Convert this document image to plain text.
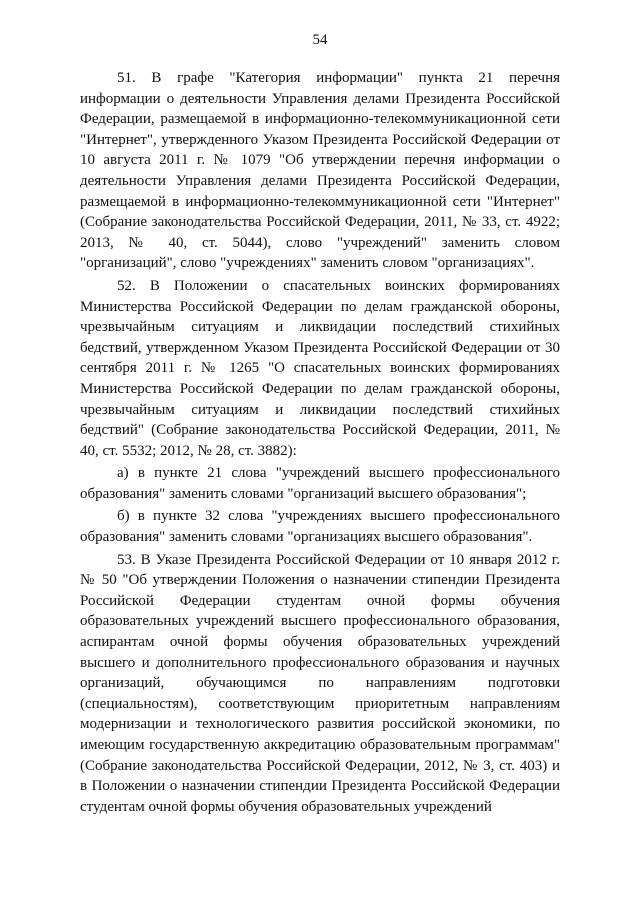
54

51. В графе "Категория информации" пункта 21 перечня информации о деятельности Управления делами Президента Российской Федерации, размещаемой в информационно-телекоммуникационной сети "Интернет", утвержденного Указом Президента Российской Федерации от 10 августа 2011 г. № 1079 "Об утверждении перечня информации о деятельности Управления делами Президента Российской Федерации, размещаемой в информационно-телекоммуникационной сети "Интернет" (Собрание законодательства Российской Федерации, 2011, № 33, ст. 4922; 2013, № 40, ст. 5044), слово "учреждений" заменить словом "организаций", слово "учреждениях" заменить словом "организациях".

52. В Положении о спасательных воинских формированиях Министерства Российской Федерации по делам гражданской обороны, чрезвычайным ситуациям и ликвидации последствий стихийных бедствий, утвержденном Указом Президента Российской Федерации от 30 сентября 2011 г. № 1265 "О спасательных воинских формированиях Министерства Российской Федерации по делам гражданской обороны, чрезвычайным ситуациям и ликвидации последствий стихийных бедствий" (Собрание законодательства Российской Федерации, 2011, № 40, ст. 5532; 2012, № 28, ст. 3882):

а) в пункте 21 слова "учреждений высшего профессионального образования" заменить словами "организаций высшего образования";

б) в пункте 32 слова "учреждениях высшего профессионального образования" заменить словами "организациях высшего образования".

53. В Указе Президента Российской Федерации от 10 января 2012 г. № 50 "Об утверждении Положения о назначении стипендии Президента Российской Федерации студентам очной формы обучения образовательных учреждений высшего профессионального образования, аспирантам очной формы обучения образовательных учреждений высшего и дополнительного профессионального образования и научных организаций, обучающимся по направлениям подготовки (специальностям), соответствующим приоритетным направлениям модернизации и технологического развития российской экономики, по имеющим государственную аккредитацию образовательным программам" (Собрание законодательства Российской Федерации, 2012, № 3, ст. 403) и в Положении о назначении стипендии Президента Российской Федерации студентам очной формы обучения образовательных учреждений
